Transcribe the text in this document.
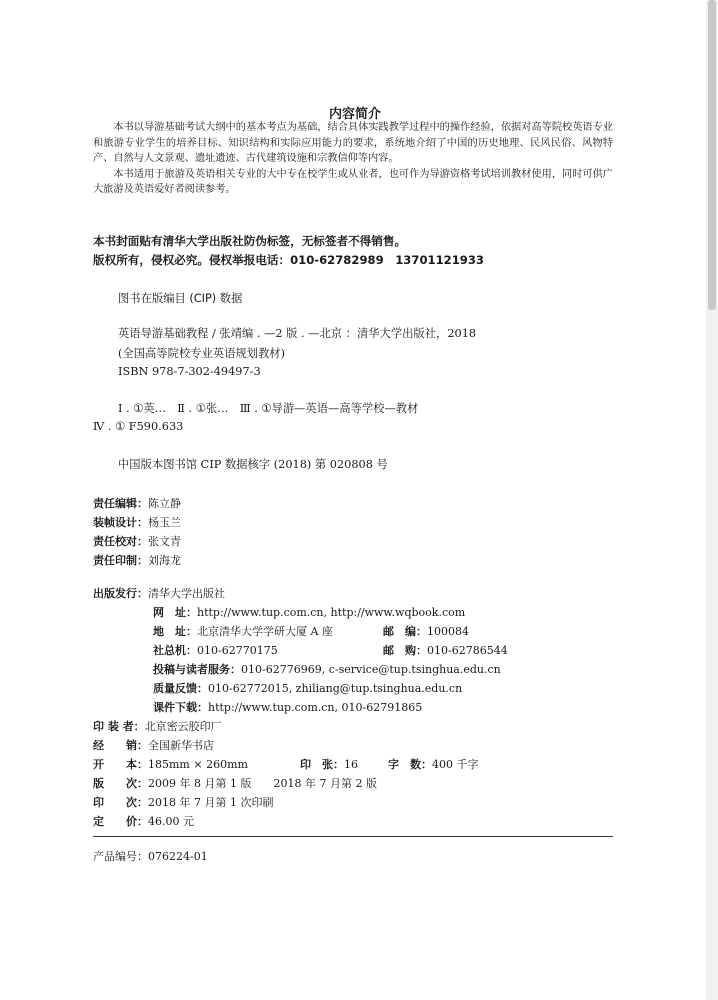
内容简介

本书以导游基础考试大纲中的基本考点为基础，结合具体实践教学过程中的操作经验，依据对高等院校英语专业和旅游专业学生的培养目标、知识结构和实际应用能力的要求，系统地介绍了中国的历史地理、民风民俗、风物特产、自然与人文景观、遗址遗迹、古代建筑设施和宗教信仰等内容。

本书适用于旅游及英语相关专业的大中专在校学生或从业者，也可作为导游资格考试培训教材使用，同时可供广大旅游及英语爱好者阅读参考。

本书封面贴有清华大学出版社防伪标签，无标签者不得销售。
版权所有，侵权必究。侵权举报电话：010-62782989　13701121933
图书在版编目 (CIP) 数据
英语导游基础教程 / 张靖编 . —2 版 . —北京 ：清华大学出版社，2018
(全国高等院校专业英语规划教材)
ISBN 978-7-302-49497-3
Ⅰ . ①英…　Ⅱ . ①张…　Ⅲ . ①导游—英语—高等学校—教材
Ⅳ . ① F590.633
中国版本图书馆 CIP 数据核字 (2018) 第 020808 号
责任编辑：陈立静
装帧设计：杨玉兰
责任校对：张文青
责任印制：刘海龙
出版发行：清华大学出版社
网　址：http://www.tup.com.cn, http://www.wqbook.com
地　址：北京清华大学学研大厦 A 座	邮　编：100084
社总机：010-62770175	邮　购：010-62786544
投稿与读者服务：010-62776969, c-service@tup.tsinghua.edu.cn
质量反馈：010-62772015, zhiliang@tup.tsinghua.edu.cn
课件下载：http://www.tup.com.cn, 010-62791865
印 装 者：北京密云胶印厂
经　　销：全国新华书店
开　　本：185mm × 260mm	印　张：16	字　数：400 千字
版　　次：2009 年 8 月第 1 版　　2018 年 7 月第 2 版
印　　次：2018 年 7 月第 1 次印刷
定　　价：46.00 元
产品编号：076224-01
